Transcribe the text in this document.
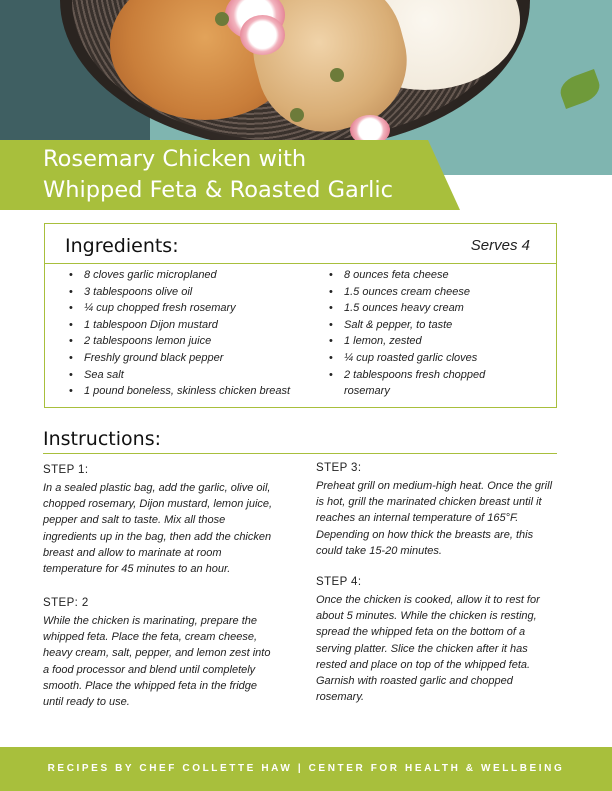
Rosemary Chicken with
Whipped Feta & Roasted Garlic
Ingredients:	Serves 4
• 8 cloves garlic microplaned
• 3 tablespoons olive oil
• ¼ cup chopped fresh rosemary
• 1 tablespoon Dijon mustard
• 2 tablespoons lemon juice
• Freshly ground black pepper
• Sea salt
• 1 pound boneless, skinless chicken breast
• 8 ounces feta cheese
• 1.5 ounces cream cheese
• 1.5 ounces heavy cream
• Salt & pepper, to taste
• 1 lemon, zested
• ¼ cup roasted garlic cloves
• 2 tablespoons fresh chopped rosemary
Instructions:
STEP 1:

In a sealed plastic bag, add the garlic, olive oil, chopped rosemary, Dijon mustard, lemon juice, pepper and salt to taste. Mix all those ingredients up in the bag, then add the chicken breast and allow to marinate at room temperature for 45 minutes to an hour.

STEP: 2

While the chicken is marinating, prepare the whipped feta. Place the feta, cream cheese, heavy cream, salt, pepper, and lemon zest into a food processor and blend until completely smooth. Place the whipped feta in the fridge until ready to use.

STEP 3:

Preheat grill on medium-high heat. Once the grill is hot, grill the marinated chicken breast until it reaches an internal temperature of 165°F. Depending on how thick the breasts are, this could take 15-20 minutes.

STEP 4:

Once the chicken is cooked, allow it to rest for about 5 minutes. While the chicken is resting, spread the whipped feta on the bottom of a serving platter. Slice the chicken after it has rested and place on top of the whipped feta. Garnish with roasted garlic and chopped rosemary.

RECIPES BY CHEF COLLETTE HAW | CENTER FOR HEALTH & WELLBEING
